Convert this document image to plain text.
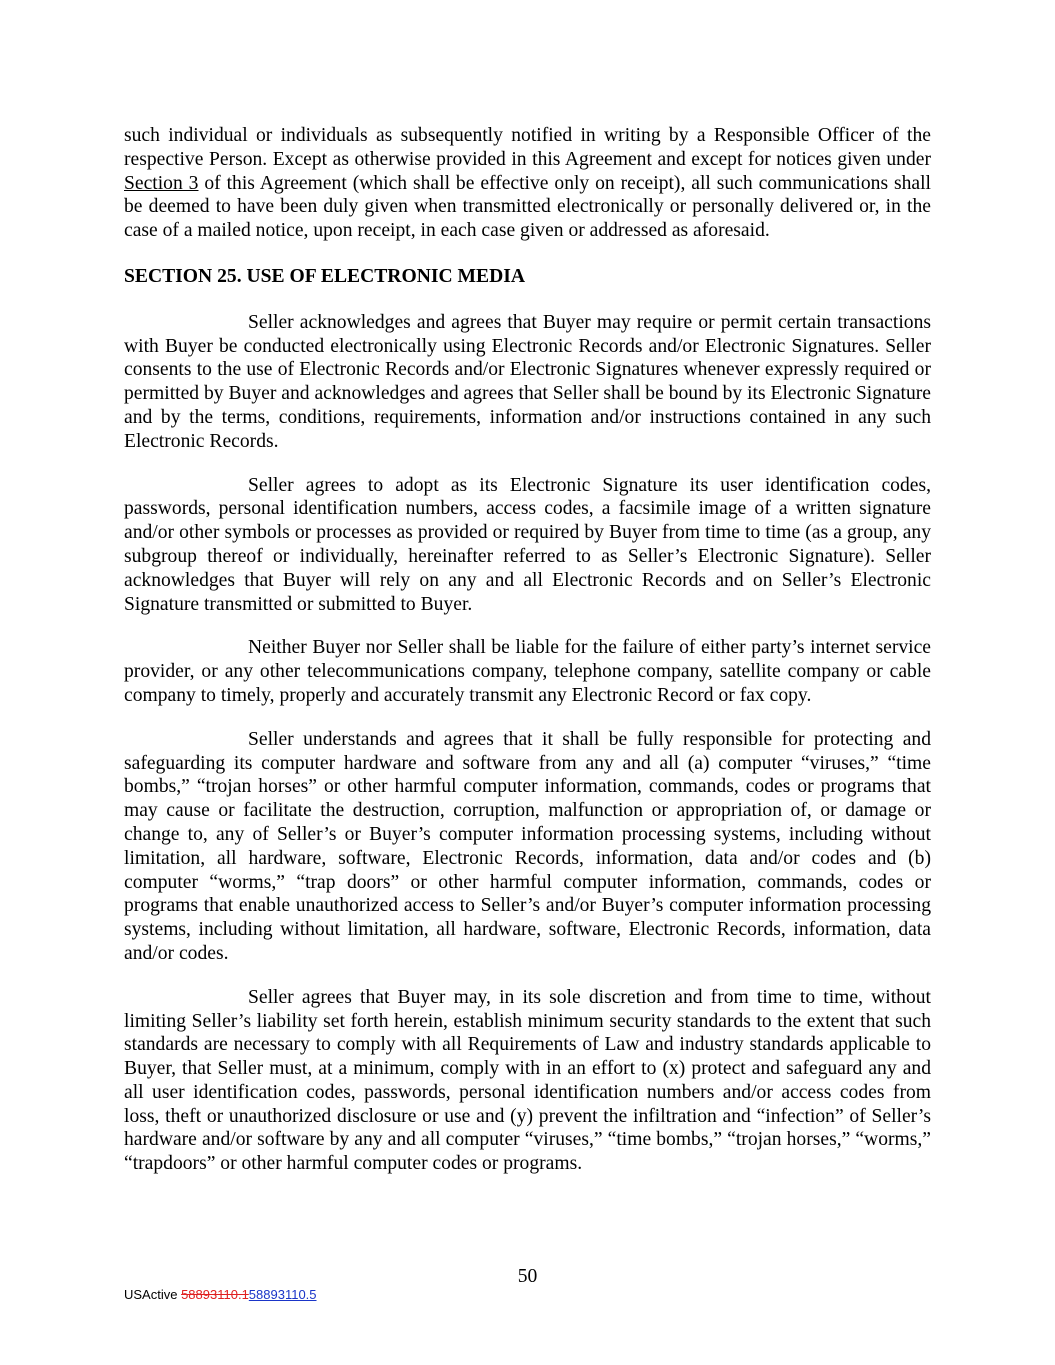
such individual or individuals as subsequently notified in writing by a Responsible Officer of the respective Person. Except as otherwise provided in this Agreement and except for notices given under Section 3 of this Agreement (which shall be effective only on receipt), all such communications shall be deemed to have been duly given when transmitted electronically or personally delivered or, in the case of a mailed notice, upon receipt, in each case given or addressed as aforesaid.

SECTION 25. USE OF ELECTRONIC MEDIA

Seller acknowledges and agrees that Buyer may require or permit certain transactions with Buyer be conducted electronically using Electronic Records and/or Electronic Signatures. Seller consents to the use of Electronic Records and/or Electronic Signatures whenever expressly required or permitted by Buyer and acknowledges and agrees that Seller shall be bound by its Electronic Signature and by the terms, conditions, requirements, information and/or instructions contained in any such Electronic Records.

Seller agrees to adopt as its Electronic Signature its user identification codes, passwords, personal identification numbers, access codes, a facsimile image of a written signature and/or other symbols or processes as provided or required by Buyer from time to time (as a group, any subgroup thereof or individually, hereinafter referred to as Seller’s Electronic Signature). Seller acknowledges that Buyer will rely on any and all Electronic Records and on Seller’s Electronic Signature transmitted or submitted to Buyer.

Neither Buyer nor Seller shall be liable for the failure of either party’s internet service provider, or any other telecommunications company, telephone company, satellite company or cable company to timely, properly and accurately transmit any Electronic Record or fax copy.

Seller understands and agrees that it shall be fully responsible for protecting and safeguarding its computer hardware and software from any and all (a) computer “viruses,” “time bombs,” “trojan horses” or other harmful computer information, commands, codes or programs that may cause or facilitate the destruction, corruption, malfunction or appropriation of, or damage or change to, any of Seller’s or Buyer’s computer information processing systems, including without limitation, all hardware, software, Electronic Records, information, data and/or codes and (b) computer “worms,” “trap doors” or other harmful computer information, commands, codes or programs that enable unauthorized access to Seller’s and/or Buyer’s computer information processing systems, including without limitation, all hardware, software, Electronic Records, information, data and/or codes.

Seller agrees that Buyer may, in its sole discretion and from time to time, without limiting Seller’s liability set forth herein, establish minimum security standards to the extent that such standards are necessary to comply with all Requirements of Law and industry standards applicable to Buyer, that Seller must, at a minimum, comply with in an effort to (x) protect and safeguard any and all user identification codes, passwords, personal identification numbers and/or access codes from loss, theft or unauthorized disclosure or use and (y) prevent the infiltration and “infection” of Seller’s hardware and/or software by any and all computer “viruses,” “time bombs,” “trojan horses,” “worms,” “trapdoors” or other harmful computer codes or programs.

50
USActive 58893110.158893110.5
